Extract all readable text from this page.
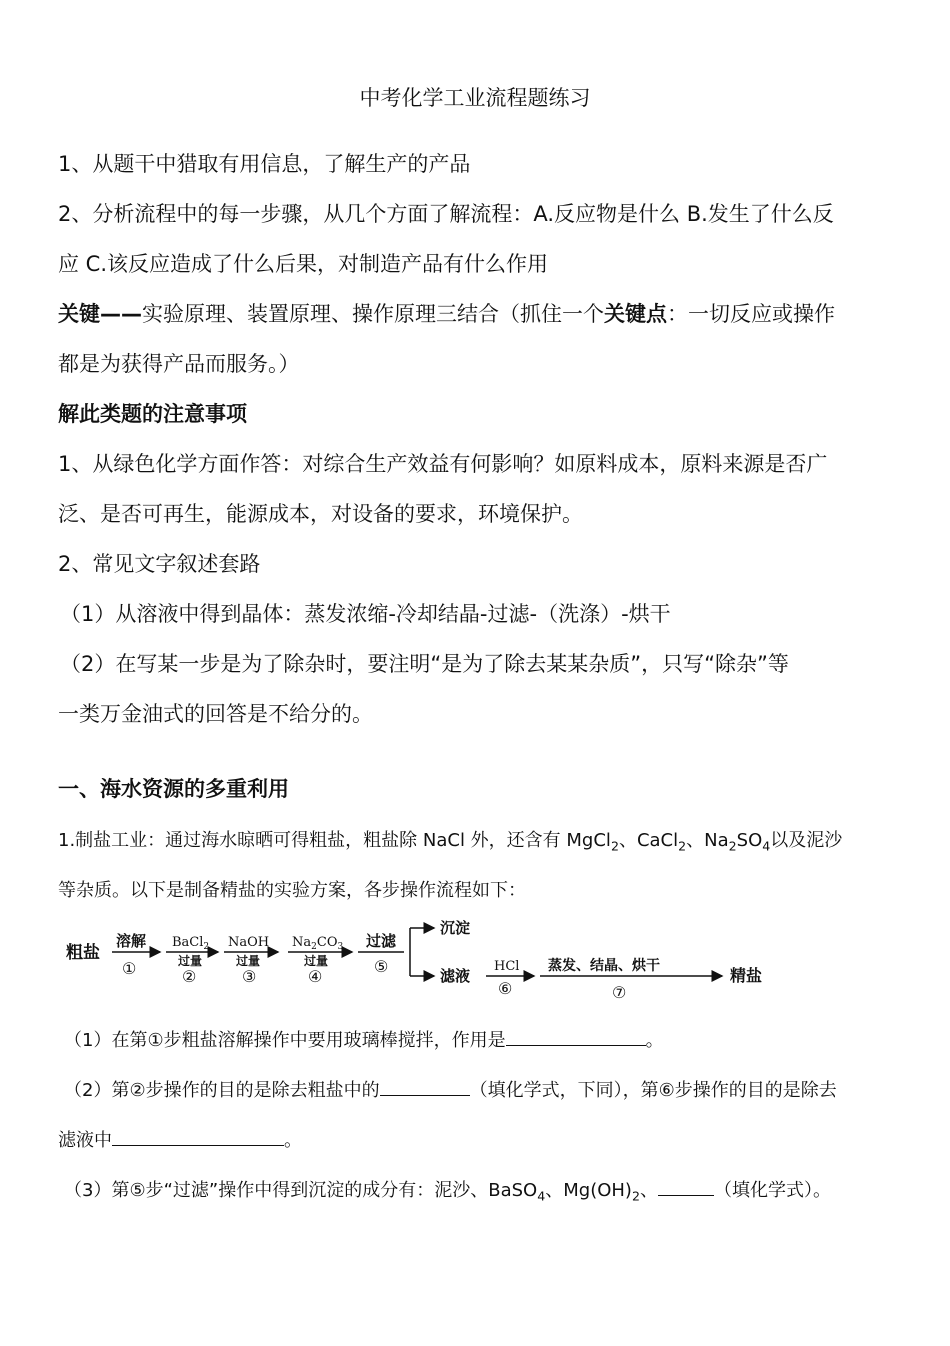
中考化学工业流程题练习
1、从题干中猎取有用信息，了解生产的产品
2、分析流程中的每一步骤，从几个方面了解流程：A.反应物是什么 B.发生了什么反
应 C.该反应造成了什么后果，对制造产品有什么作用
关键——实验原理、装置原理、操作原理三结合（抓住一个关键点：一切反应或操作
都是为获得产品而服务。）
解此类题的注意事项
1、从绿色化学方面作答：对综合生产效益有何影响？如原料成本，原料来源是否广
泛、是否可再生，能源成本，对设备的要求，环境保护。
2、常见文字叙述套路
（1）从溶液中得到晶体：蒸发浓缩-冷却结晶-过滤-（洗涤）-烘干
（2）在写某一步是为了除杂时，要注明“是为了除去某某杂质”，只写“除杂”等
一类万金油式的回答是不给分的。
一、海水资源的多重利用
1.制盐工业：通过海水晾晒可得粗盐，粗盐除 NaCl 外，还含有 MgCl$_2$、CaCl$_2$、$Na_2SO_4$以及泥沙
等杂质。以下是制备精盐的实验方案，各步操作流程如下：
粗盐
溶解
①
BaCl$_2$
过量
②
NaOH
过量
③
$Na_2CO_3$
过量
④
过滤
⑤
沉淀
滤液
HCl
⑥
蒸发、结晶、烘干
⑦
精盐
（1）在第①步粗盐溶解操作中要用玻璃棒搅拌，作用是	。
（2）第②步操作的目的是除去粗盐中的	（填化学式，下同），第⑥步操作的目的是除去
滤液中	。
（3）第⑤步“过滤”操作中得到沉淀的成分有：泥沙、BaSO$_4$、$Mg(OH)_2$、	（填化学式）。
